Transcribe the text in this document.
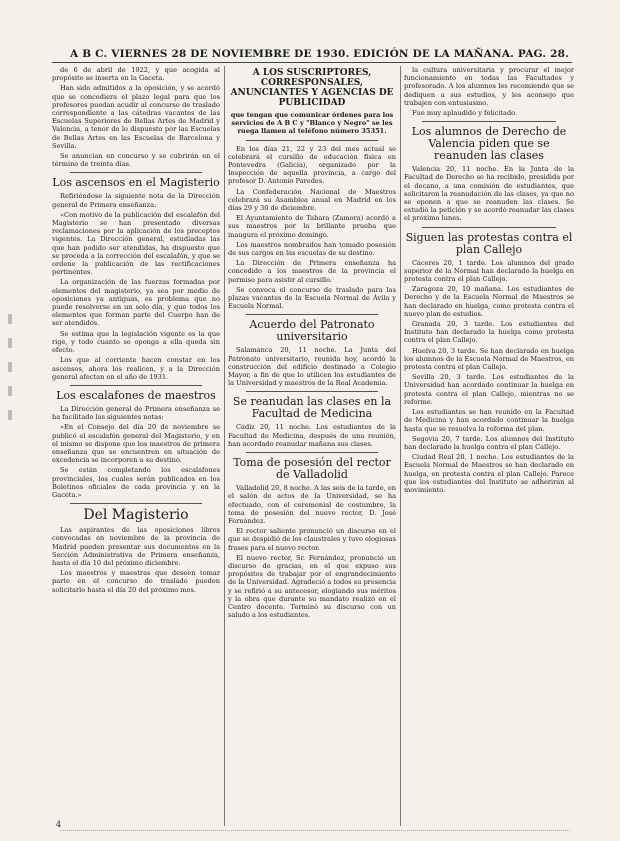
A B C. VIERNES 28 DE NOVIEMBRE DE 1930. EDICIÓN DE LA MAÑANA. PAG. 28.

de 6 de abril de 1922, y que acogida al propósito se inserta en la Gaceta.

Han sido admitidos a la oposición, y se acordó que se concediera el plazo legal para que los profesores puedan acudir al concurso de traslado correspondiente a las cátedras vacantes de las Escuelas Superiores de Bellas Artes de Madrid y Valencia, a tenor de lo dispuesto por las Escuelas de Bellas Artes en las Escuelas de Barcelona y Sevilla.

Se anuncian en concurso y se cubrirán en el término de treinta días.

Los ascensos en el Magisterio

Refiriéndose la siguiente nota de la Dirección general de Primera enseñanza:

«Con motivo de la publicación del escalafón del Magisterio se han presentado diversas reclamaciones por la aplicación de los preceptos vigentes. La Dirección general, estudiadas las que han podido ser atendidas, ha dispuesto que se proceda a la corrección del escalafón, y que se ordene la publicación de las rectificaciones pertinentes.

La organización de las fuerzas formadas por elementos del magisterio, ya sea por medio de oposiciones ya antiguas, es problema que no puede resolverse en un solo día, y que todos los elementos que forman parte del Cuerpo han de ser atendidos.

Se estima que la legislación vigente es la que rige, y todo cuanto se oponga a ella queda sin efecto.

Los que al corriente hacen constar en los ascensos, ahora los realicen, y a la Dirección general afectan en el año de 1931.

Los escalafones de maestros

La Dirección general de Primera enseñanza se ha facilitado las siguientes notas:

«En el Consejo del día 20 de noviembre se publicó el escalafón general del Magisterio, y en el mismo se dispone que los maestros de primera enseñanza que se encuentren en situación de excedencia se incorporen a su destino.

Se están completando los escalafones provinciales, los cuales serán publicados en los Boletines oficiales de cada provincia y en la Gaceta.»

Del Magisterio

Las aspirantes de las oposiciones libres convocadas en noviembre de la provincia de Madrid pueden presentar sus documentos en la Sección Administrativa de Primera enseñanza, hasta el día 10 del próximo diciembre.

Los maestros y maestras que deseen tomar parte en el concurso de traslado pueden solicitarlo hasta el día 20 del próximo mes.

A LOS SUSCRIPTORES, CORRESPONSALES, ANUNCIANTES Y AGENCIAS DE PUBLICIDAD

que tengan que comunicar órdenes para los servicios de A B C y "Blanco y Negro" se les ruega llamen al teléfono número 35351.

En los días 21, 22 y 23 del mes actual se celebrará el cursillo de educación física en Pontevedra (Galicia), organizado por la Inspección de aquella provincia, a cargo del profesor D. Antonio Paredes.

La Confederación Nacional de Maestros celebrará su Asamblea anual en Madrid en los días 29 y 30 de diciembre.

El Ayuntamiento de Tabara (Zamora) acordó a sus maestros por la brillante prueba que inaugura el próximo domingo.

Los maestros nombrados han tomado posesión de sus cargos en las escuelas de su destino.

La Dirección de Primera enseñanza ha concedido a los maestros de la provincia el permiso para asistir al cursillo.

Se convoca el concurso de traslado para las plazas vacantes de la Escuela Normal de Ávila y Escuela Normal.

Acuerdo del Patronato universitario

Salamanca 20, 11 noche. La Junta del Patronato universitario, reunida hoy, acordó la construcción del edificio destinado a Colegio Mayor, a fin de que lo utilicen los estudiantes de la Universidad y maestros de la Real Academia.

Se reanudan las clases en la Facultad de Medicina

Cádiz 20, 11 noche. Los estudiantes de la Facultad de Medicina, después de una reunión, han acordado reanudar mañana sus clases.

Toma de posesión del rector de Valladolid

Valladolid 20, 8 noche. A las seis de la tarde, en el salón de actos de la Universidad, se ha efectuado, con el ceremonial de costumbre, la toma de posesión del nuevo rector, D. José Fernández.

El rector saliente pronunció un discurso en el que se despidió de los claustrales y tuvo elogiosas frases para el nuevo rector.

El nuevo rector, Sr. Fernández, pronunció un discurso de gracias, en el que expuso sus propósitos de trabajar por el engrandecimiento de la Universidad. Agradeció a todos su presencia y se refirió a su antecesor, elogiando sus méritos y la obra que durante su mandato realizó en el Centro docente. Terminó su discurso con un saludo a los estudiantes.

la cultura universitaria y procurar el mejor funcionamiento en todas las Facultades y profesorado. A los alumnos les recomiendo que se dediquen a sus estudios, y les aconsejo que trabajen con entusiasmo.

Fue muy aplaudido y felicitado.

Los alumnos de Derecho de Valencia piden que se reanuden las clases

Valencia 20, 11 noche. En la Junta de la Facultad de Derecho se ha recibido, presidida por el decano, a una comisión de estudiantes, que solicitaron la reanudación de las clases, ya que no se oponen a que se reanuden las clases. Se estudió la petición y se acordó reanudar las clases el próximo lunes.

Siguen las protestas contra el plan Callejo

Cáceres 20, 1 tarde. Los alumnos del grado superior de la Normal han declarado la huelga en protesta contra el plan Callejo.

Zaragoza 20, 10 mañana. Los estudiantes de Derecho y de la Escuela Normal de Maestros se han declarado en huelga, como protesta contra el nuevo plan de estudios.

Granada 20, 3 tarde. Los estudiantes del Instituto han declarado la huelga como protesta contra el plan Callejo.

Huelva 20, 3 tarde. Se han declarado en huelga los alumnos de la Escuela Normal de Maestros, en protesta contra el plan Callejo.

Sevilla 20, 3 tarde. Los estudiantes de la Universidad han acordado continuar la huelga en protesta contra el plan Callejo, mientras no se reforme.

Los estudiantes se han reunido en la Facultad de Medicina y han acordado continuar la huelga hasta que se resuelva la reforma del plan.

Segovia 20, 7 tarde. Los alumnos del Instituto han declarado la huelga contra el plan Callejo.

Ciudad Real 20, 1 noche. Los estudiantes de la Escuela Normal de Maestros se han declarado en huelga, en protesta contra el plan Callejo. Parece que los estudiantes del Instituto se adherirán al movimiento.

4
